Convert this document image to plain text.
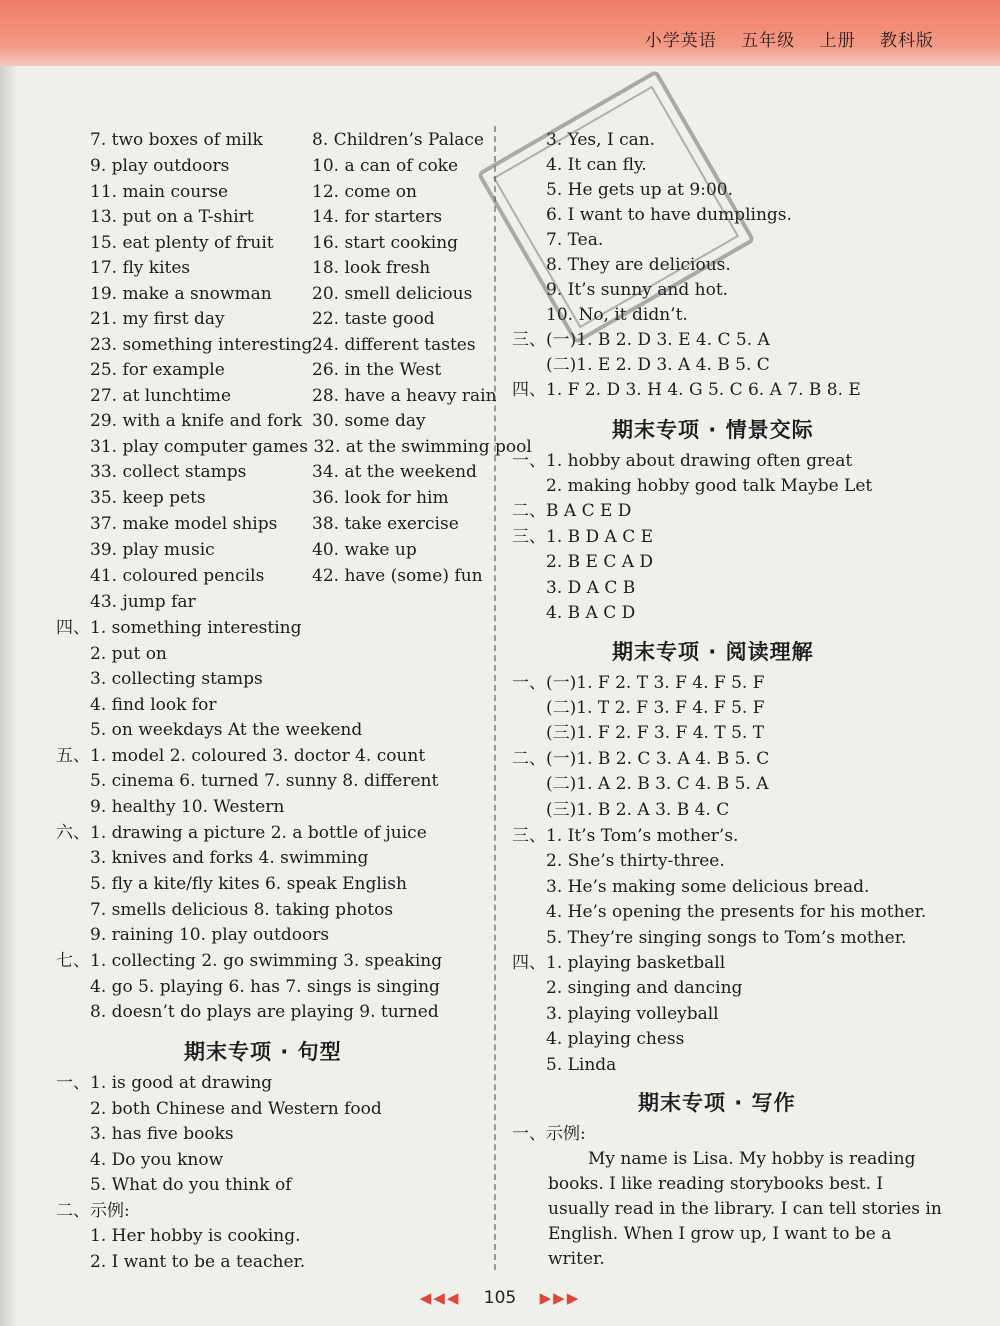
小学英语 五年级 上册 教科版
7. two boxes of milk	8. Children’s Palace
9. play outdoors	10. a can of coke
11. main course	12. come on
13. put on a T-shirt	14. for starters
15. eat plenty of fruit 16. start cooking
17. fly kites	18. look fresh
19. make a snowman 20. smell delicious
21. my first day	22. taste good
23. something interesting 24. different tastes
25. for example	26. in the West
27. at lunchtime	28. have a heavy rain
29. with a knife and fork 30. some day
31. play computer games 32. at the swimming pool
33. collect stamps	34. at the weekend
35. keep pets	36. look for him
37. make model ships 38. take exercise
39. play music	40. wake up
41. coloured pencils	42. have (some) fun
43. jump far
四、1. something interesting
2. put on
3. collecting stamps
4. find look for
5. on weekdays At the weekend
五、1. model 2. coloured 3. doctor 4. count
5. cinema 6. turned 7. sunny 8. different
9. healthy 10. Western
六、1. drawing a picture 2. a bottle of juice
3. knives and forks 4. swimming
5. fly a kite/fly kites 6. speak English
7. smells delicious 8. taking photos
9. raining 10. play outdoors
七、1. collecting 2. go swimming 3. speaking
4. go 5. playing 6. has 7. sings is singing
8. doesn’t do plays are playing 9. turned
一、1. is good at drawing
2. both Chinese and Western food
3. has five books
4. Do you know
5. What do you think of
二、示例:
1. Her hobby is cooking.
2. I want to be a teacher.
3. Yes, I can.
4. It can fly.
5. He gets up at 9:00.
6. I want to have dumplings.
7. Tea.
8. They are delicious.
9. It’s sunny and hot.
10. No, it didn’t.
三、(一)1. B 2. D 3. E 4. C 5. A
(二)1. E 2. D 3. A 4. B 5. C
四、1. F 2. D 3. H 4. G 5. C 6. A 7. B 8. E
一、1. hobby about drawing often great
2. making hobby good talk Maybe Let
二、B A C E D
三、1. B D A C E
2. B E C A D
3. D A C B
4. B A C D
一、(一)1. F 2. T 3. F 4. F 5. F
(二)1. T 2. F 3. F 4. F 5. F
(三)1. F 2. F 3. F 4. T 5. T
二、(一)1. B 2. C 3. A 4. B 5. C
(二)1. A 2. B 3. C 4. B 5. A
(三)1. B 2. A 3. B 4. C
三、1. It’s Tom’s mother’s.
2. She’s thirty-three.
3. He’s making some delicious bread.
4. He’s opening the presents for his mother.
5. They’re singing songs to Tom’s mother.
四、1. playing basketball
2. singing and dancing
3. playing volleyball
4. playing chess
5. Linda
一、示例:
My name is Lisa. My hobby is reading
books. I like reading storybooks best. I
usually read in the library. I can tell stories in
English. When I grow up, I want to be a
writer.
期末专项 · 句型
期末专项 · 情景交际
期末专项 · 阅读理解
期末专项 · 写作
◀◀◀ 105 ▶▶▶
